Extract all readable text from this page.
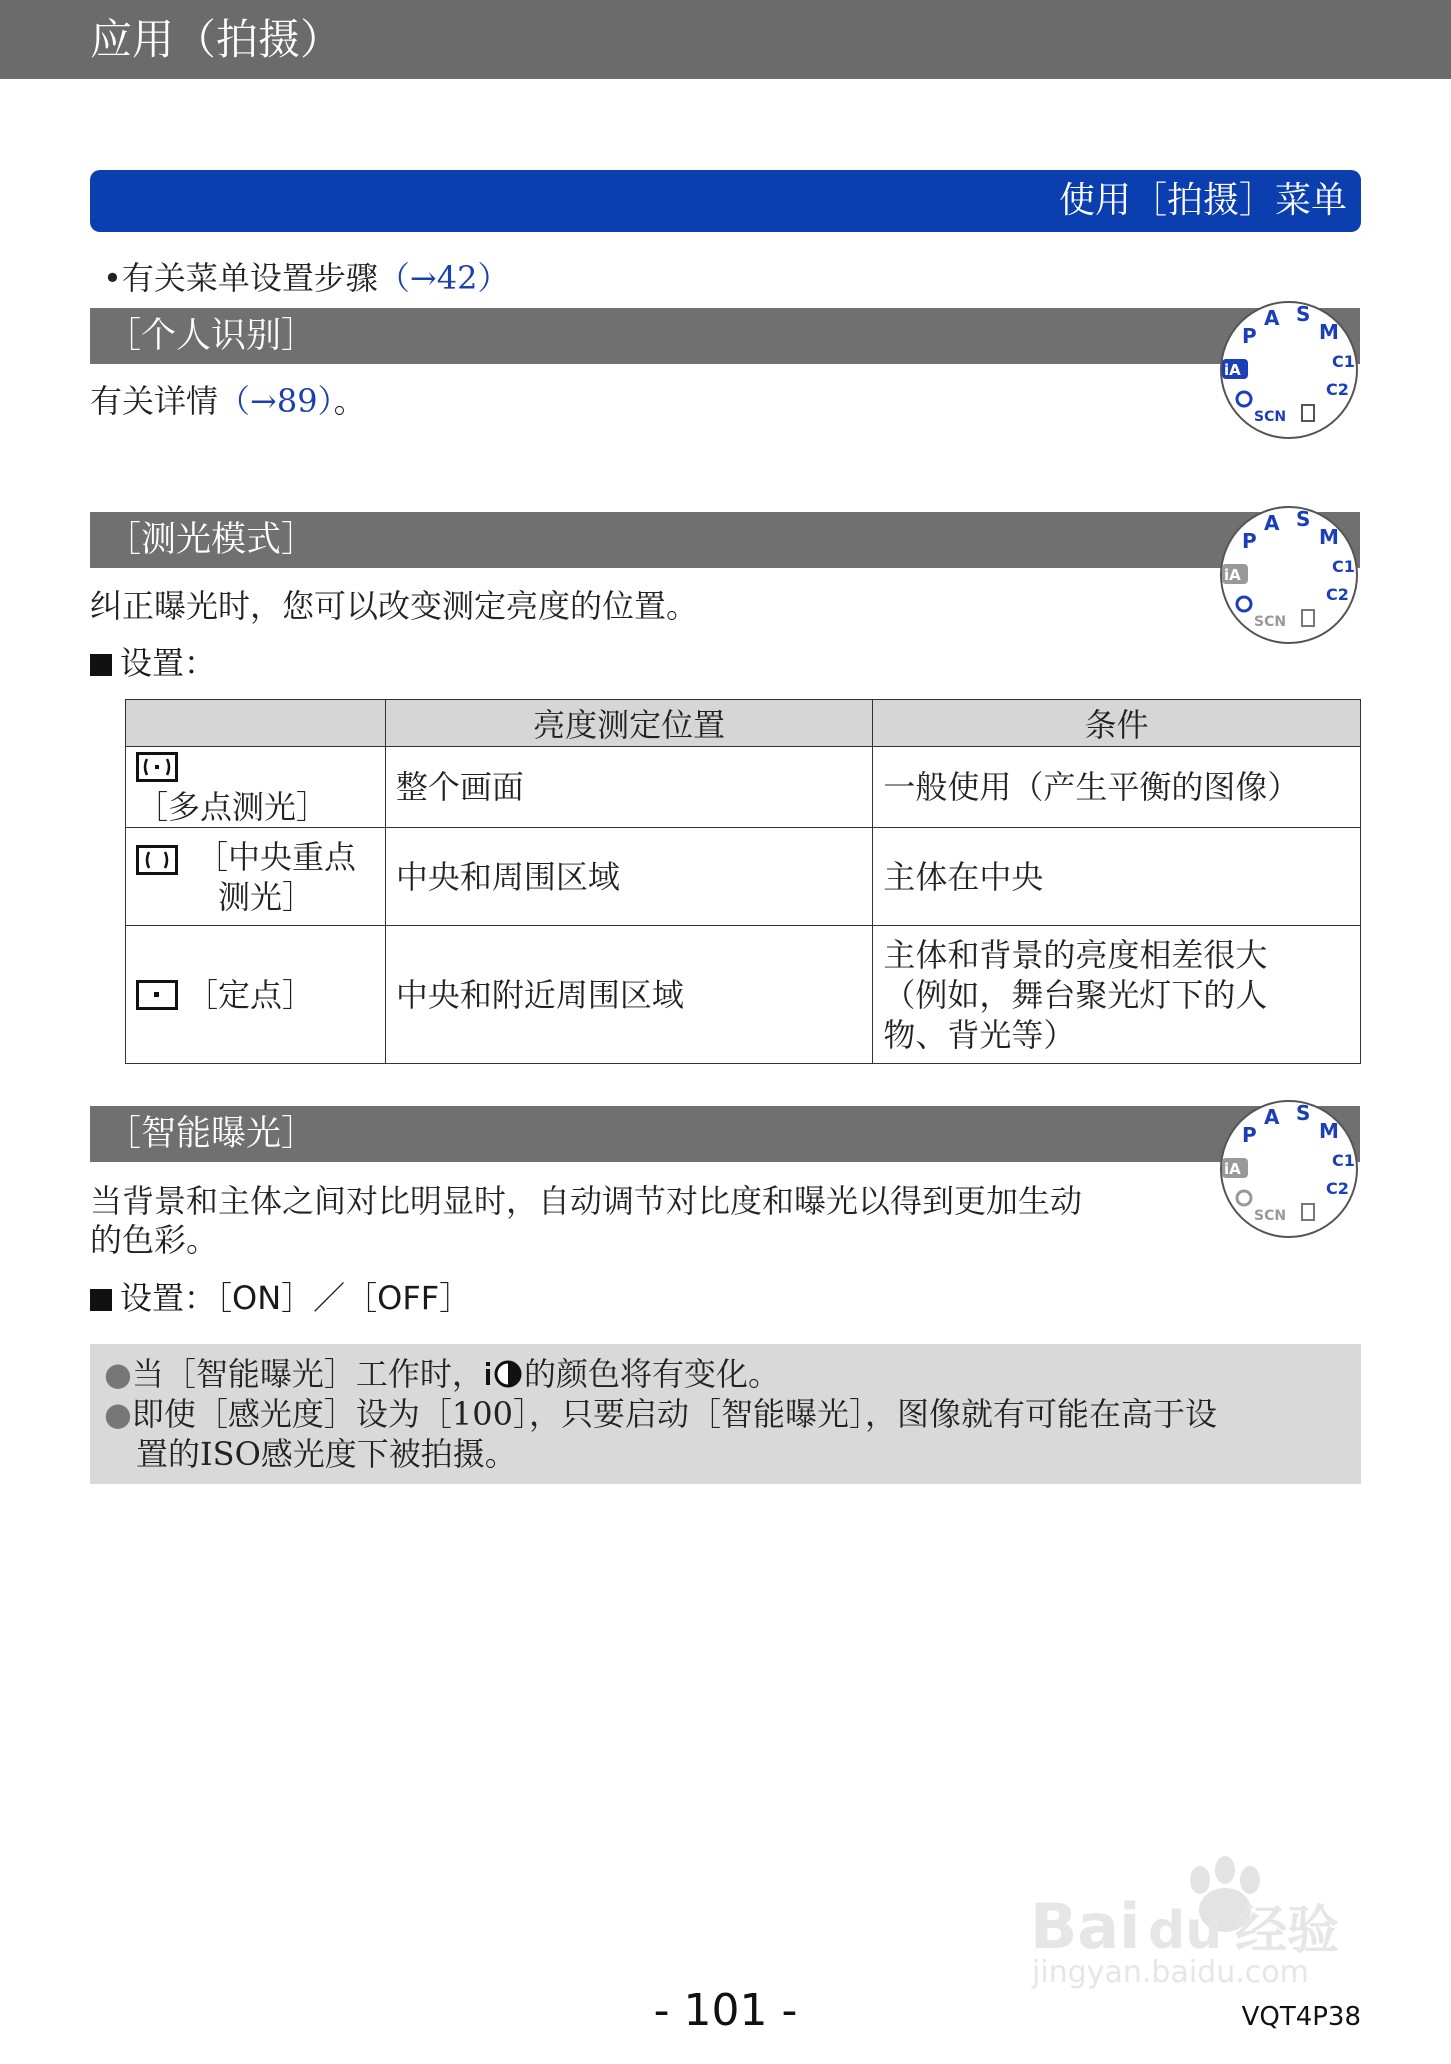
应用（拍摄）
使用［拍摄］菜单
•有关菜单设置步骤（→42）
［个人识别］
有关详情（→89）。
A
P
S
M
C1
C2
iA
SCN
［测光模式］
纠正曝光时，您可以改变测定亮度的位置。
设置：
A
P
S
M
C1
C2
iA
SCN
	亮度测定位置	条件

［多点测光］	整个画面	一般使用（产生平衡的图像）

［中央重点
测光］	中央和周围区域	主体在中央

［定点］	中央和附近周围区域	主体和背景的亮度相差很大
（例如，舞台聚光灯下的人
物、背光等）
［智能曝光］
当背景和主体之间对比明显时，自动调节对比度和曝光以得到更加生动
的色彩。
设置：［ON］／［OFF］
A
P
S
M
C1
C2
iA
SCN
●当［智能曝光］工作时， 的颜色将有变化。
●即使［感光度］设为［100］，只要启动［智能曝光］，图像就有可能在高于设
置的ISO感光度下被拍摄。
- 101 -	VQT4P38
Bai du 经验
jingyan.baidu.com
